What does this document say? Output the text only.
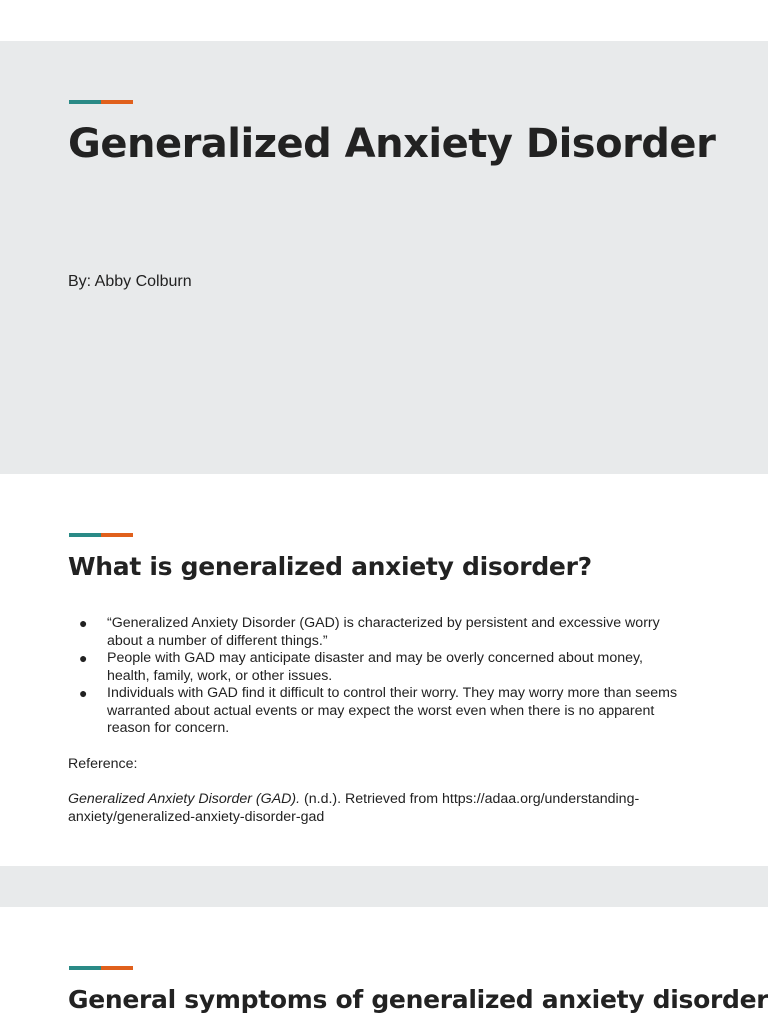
Generalized Anxiety Disorder

By: Abby Colburn

What is generalized anxiety disorder?
● “Generalized Anxiety Disorder (GAD) is characterized by persistent and excessive worry about a number of different things.”
● People with GAD may anticipate disaster and may be overly concerned about money, health, family, work, or other issues.
● Individuals with GAD find it difficult to control their worry. They may worry more than seems warranted about actual events or may expect the worst even when there is no apparent reason for concern.

Reference:

Generalized Anxiety Disorder (GAD). (n.d.). Retrieved from https://adaa.org/understanding-anxiety/generalized-anxiety-disorder-gad

General symptoms of generalized anxiety disorder
